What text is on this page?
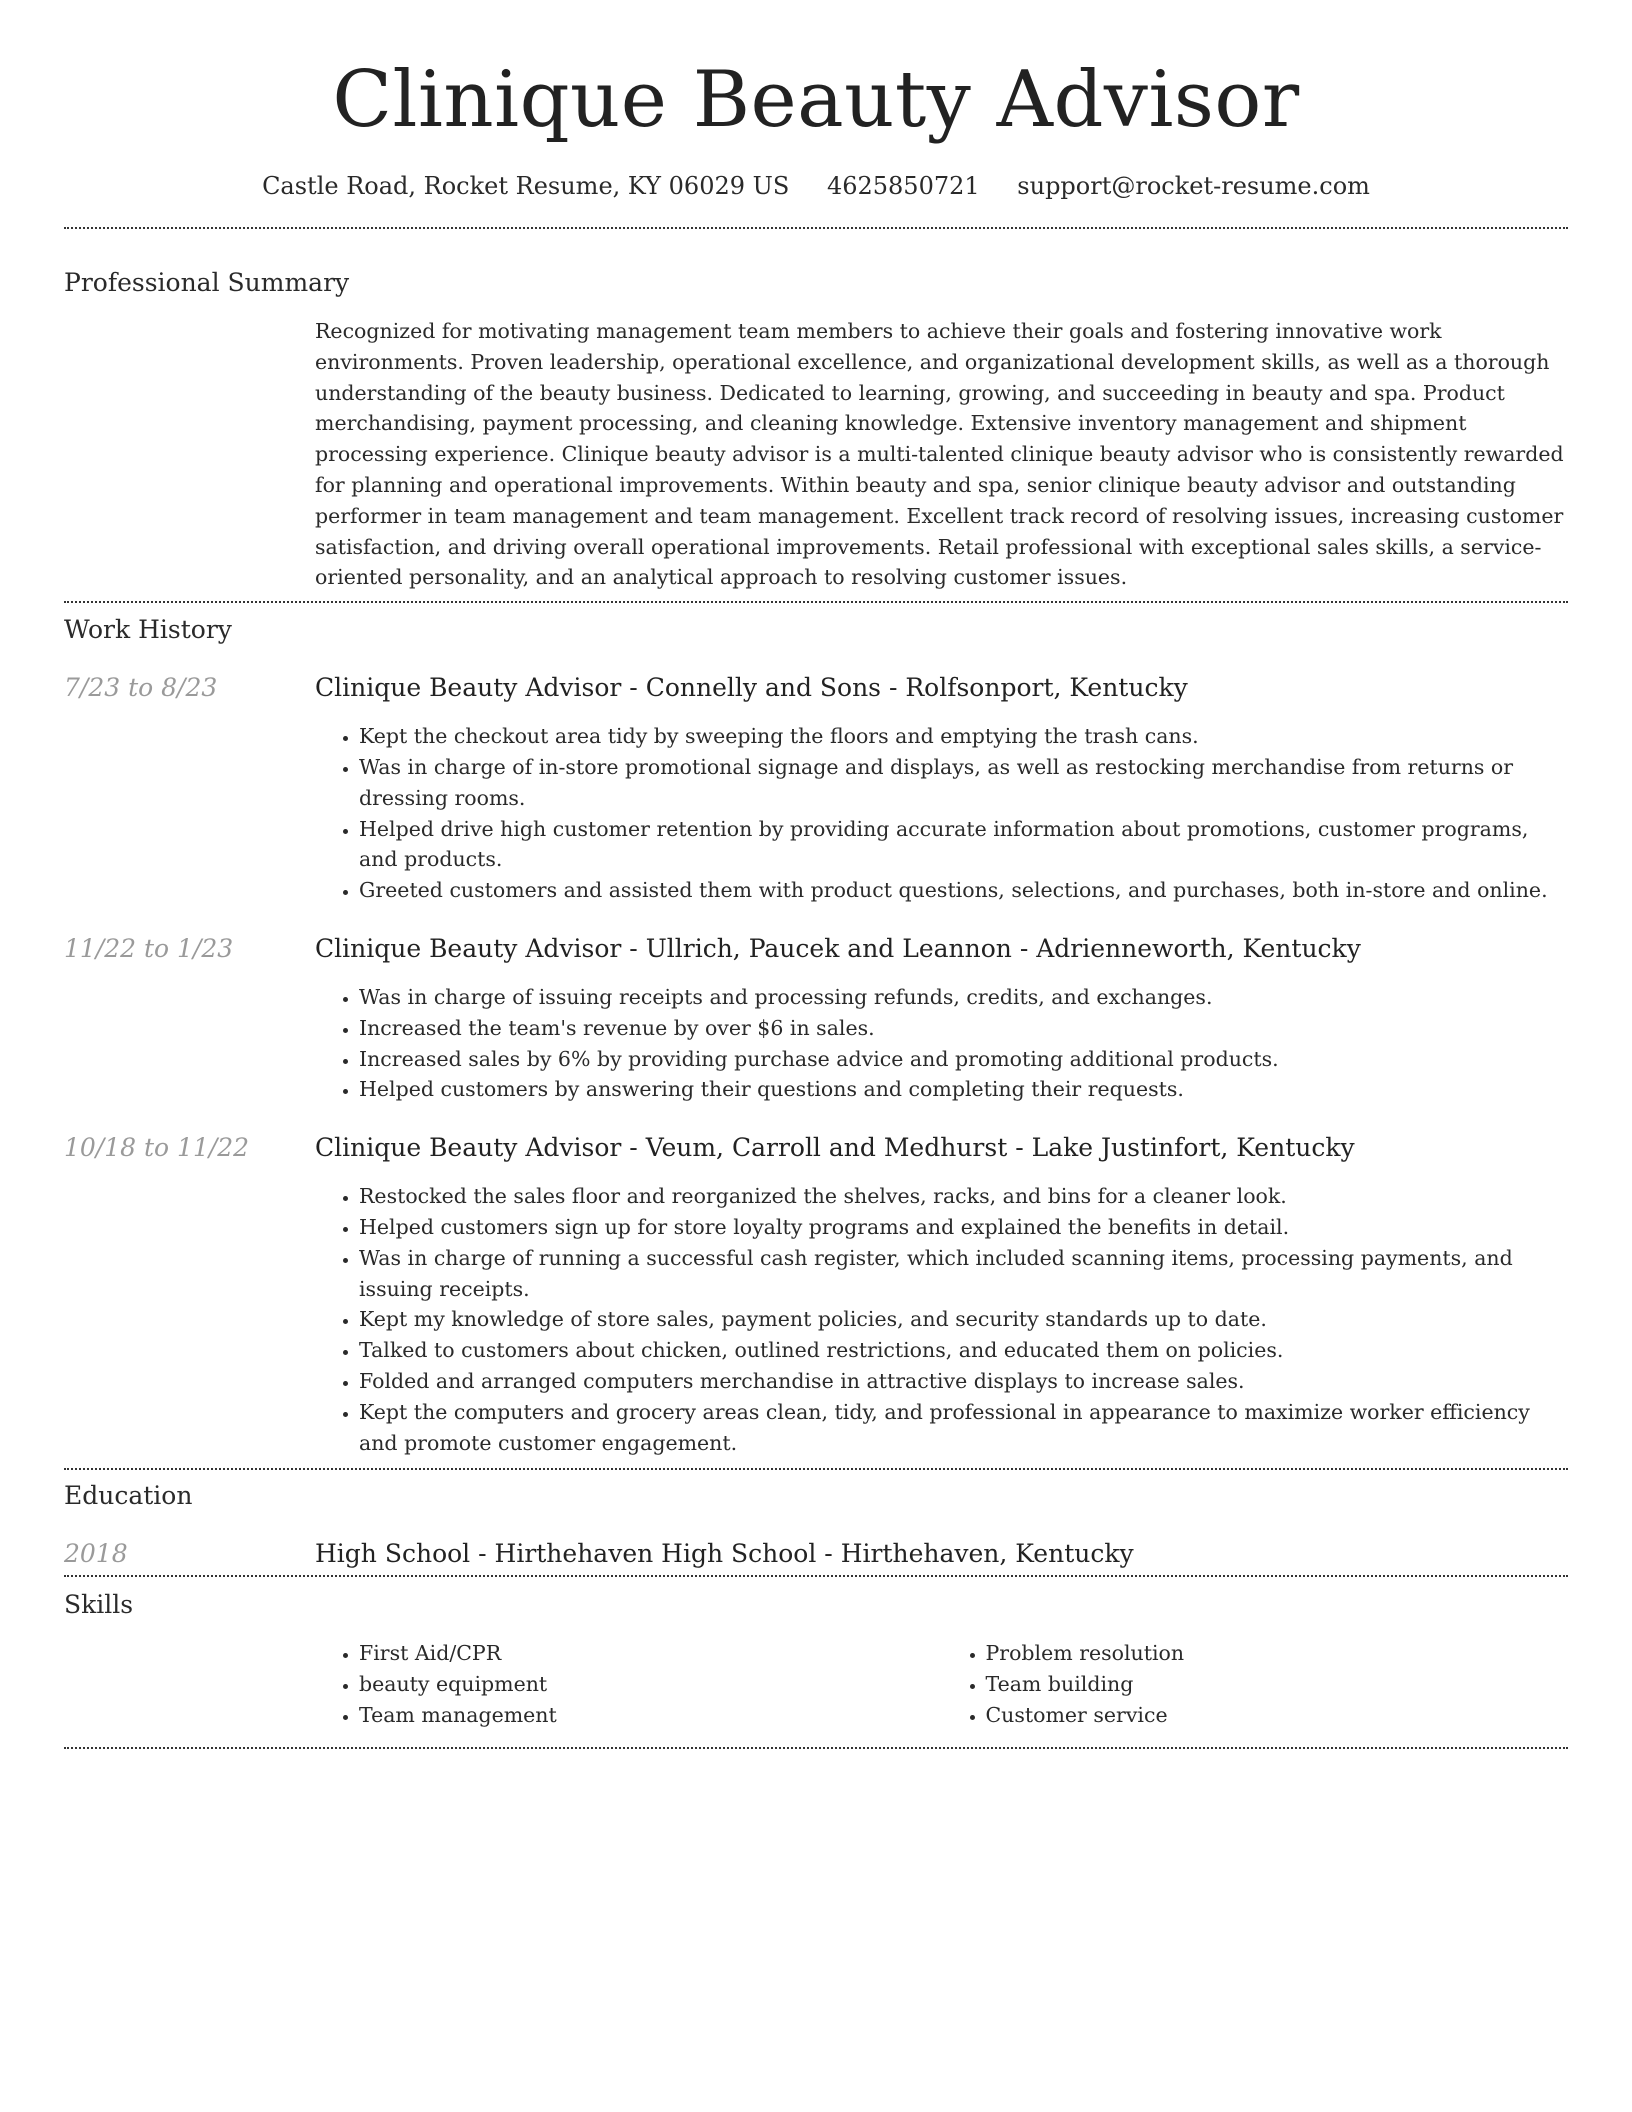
Clinique Beauty Advisor
Castle Road, Rocket Resume, KY 06029 US 4625850721 support@rocket-resume.com
Professional Summary
Recognized for motivating management team members to achieve their goals and fostering innovative work environments. Proven leadership, operational excellence, and organizational development skills, as well as a thorough understanding of the beauty business. Dedicated to learning, growing, and succeeding in beauty and spa. Product merchandising, payment processing, and cleaning knowledge. Extensive inventory management and shipment processing experience. Clinique beauty advisor is a multi-talented clinique beauty advisor who is consistently rewarded for planning and operational improvements. Within beauty and spa, senior clinique beauty advisor and outstanding performer in team management and team management. Excellent track record of resolving issues, increasing customer satisfaction, and driving overall operational improvements. Retail professional with exceptional sales skills, a service-oriented personality, and an analytical approach to resolving customer issues.
Work History
7/23 to 8/23	Clinique Beauty Advisor - Connelly and Sons - Rolfsonport, Kentucky
• Kept the checkout area tidy by sweeping the floors and emptying the trash cans.
• Was in charge of in-store promotional signage and displays, as well as restocking merchandise from returns or dressing rooms.
• Helped drive high customer retention by providing accurate information about promotions, customer programs, and products.
• Greeted customers and assisted them with product questions, selections, and purchases, both in-store and online.
11/22 to 1/23	Clinique Beauty Advisor - Ullrich, Paucek and Leannon - Adrienneworth, Kentucky
• Was in charge of issuing receipts and processing refunds, credits, and exchanges.
• Increased the team's revenue by over $6 in sales.
• Increased sales by 6% by providing purchase advice and promoting additional products.
• Helped customers by answering their questions and completing their requests.
10/18 to 11/22	Clinique Beauty Advisor - Veum, Carroll and Medhurst - Lake Justinfort, Kentucky
• Restocked the sales floor and reorganized the shelves, racks, and bins for a cleaner look.
• Helped customers sign up for store loyalty programs and explained the benefits in detail.
• Was in charge of running a successful cash register, which included scanning items, processing payments, and issuing receipts.
• Kept my knowledge of store sales, payment policies, and security standards up to date.
• Talked to customers about chicken, outlined restrictions, and educated them on policies.
• Folded and arranged computers merchandise in attractive displays to increase sales.
• Kept the computers and grocery areas clean, tidy, and professional in appearance to maximize worker efficiency and promote customer engagement.
Education
2018	High School - Hirthehaven High School - Hirthehaven, Kentucky
Skills
• First Aid/CPR
• beauty equipment
• Team management
• Problem resolution
• Team building
• Customer service
